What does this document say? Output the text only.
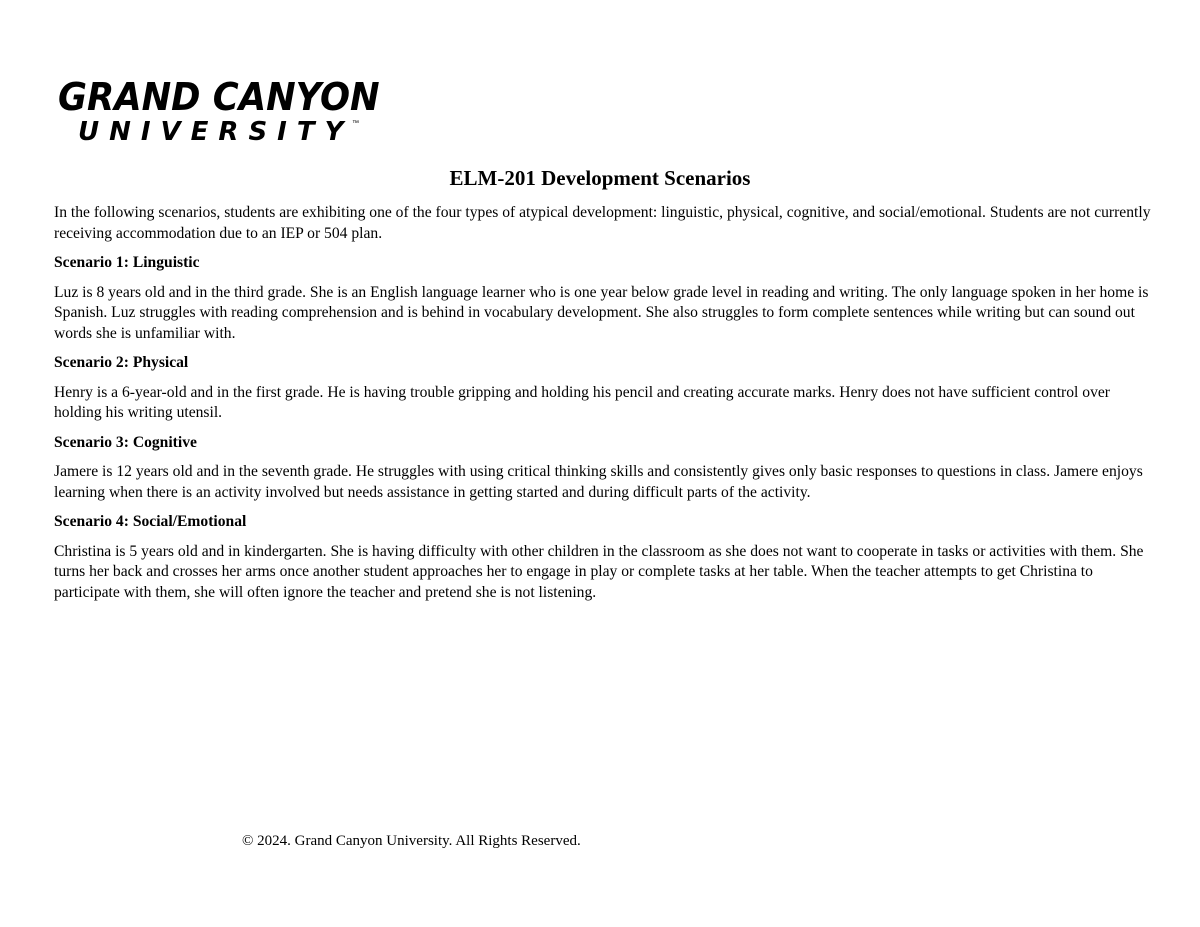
GRAND CANYON
UNIVERSITY
™
ELM-201 Development Scenarios

In the following scenarios, students are exhibiting one of the four types of atypical development: linguistic, physical, cognitive, and social/emotional. Students are not currently receiving accommodation due to an IEP or 504 plan.

Scenario 1: Linguistic

Luz is 8 years old and in the third grade. She is an English language learner who is one year below grade level in reading and writing. The only language spoken in her home is Spanish. Luz struggles with reading comprehension and is behind in vocabulary development. She also struggles to form complete sentences while writing but can sound out words she is unfamiliar with.

Scenario 2: Physical

Henry is a 6-year-old and in the first grade. He is having trouble gripping and holding his pencil and creating accurate marks. Henry does not have sufficient control over holding his writing utensil.

Scenario 3: Cognitive

Jamere is 12 years old and in the seventh grade. He struggles with using critical thinking skills and consistently gives only basic responses to questions in class. Jamere enjoys learning when there is an activity involved but needs assistance in getting started and during difficult parts of the activity.

Scenario 4: Social/Emotional

Christina is 5 years old and in kindergarten. She is having difficulty with other children in the classroom as she does not want to cooperate in tasks or activities with them. She turns her back and crosses her arms once another student approaches her to engage in play or complete tasks at her table. When the teacher attempts to get Christina to participate with them, she will often ignore the teacher and pretend she is not listening.

© 2024. Grand Canyon University. All Rights Reserved.
